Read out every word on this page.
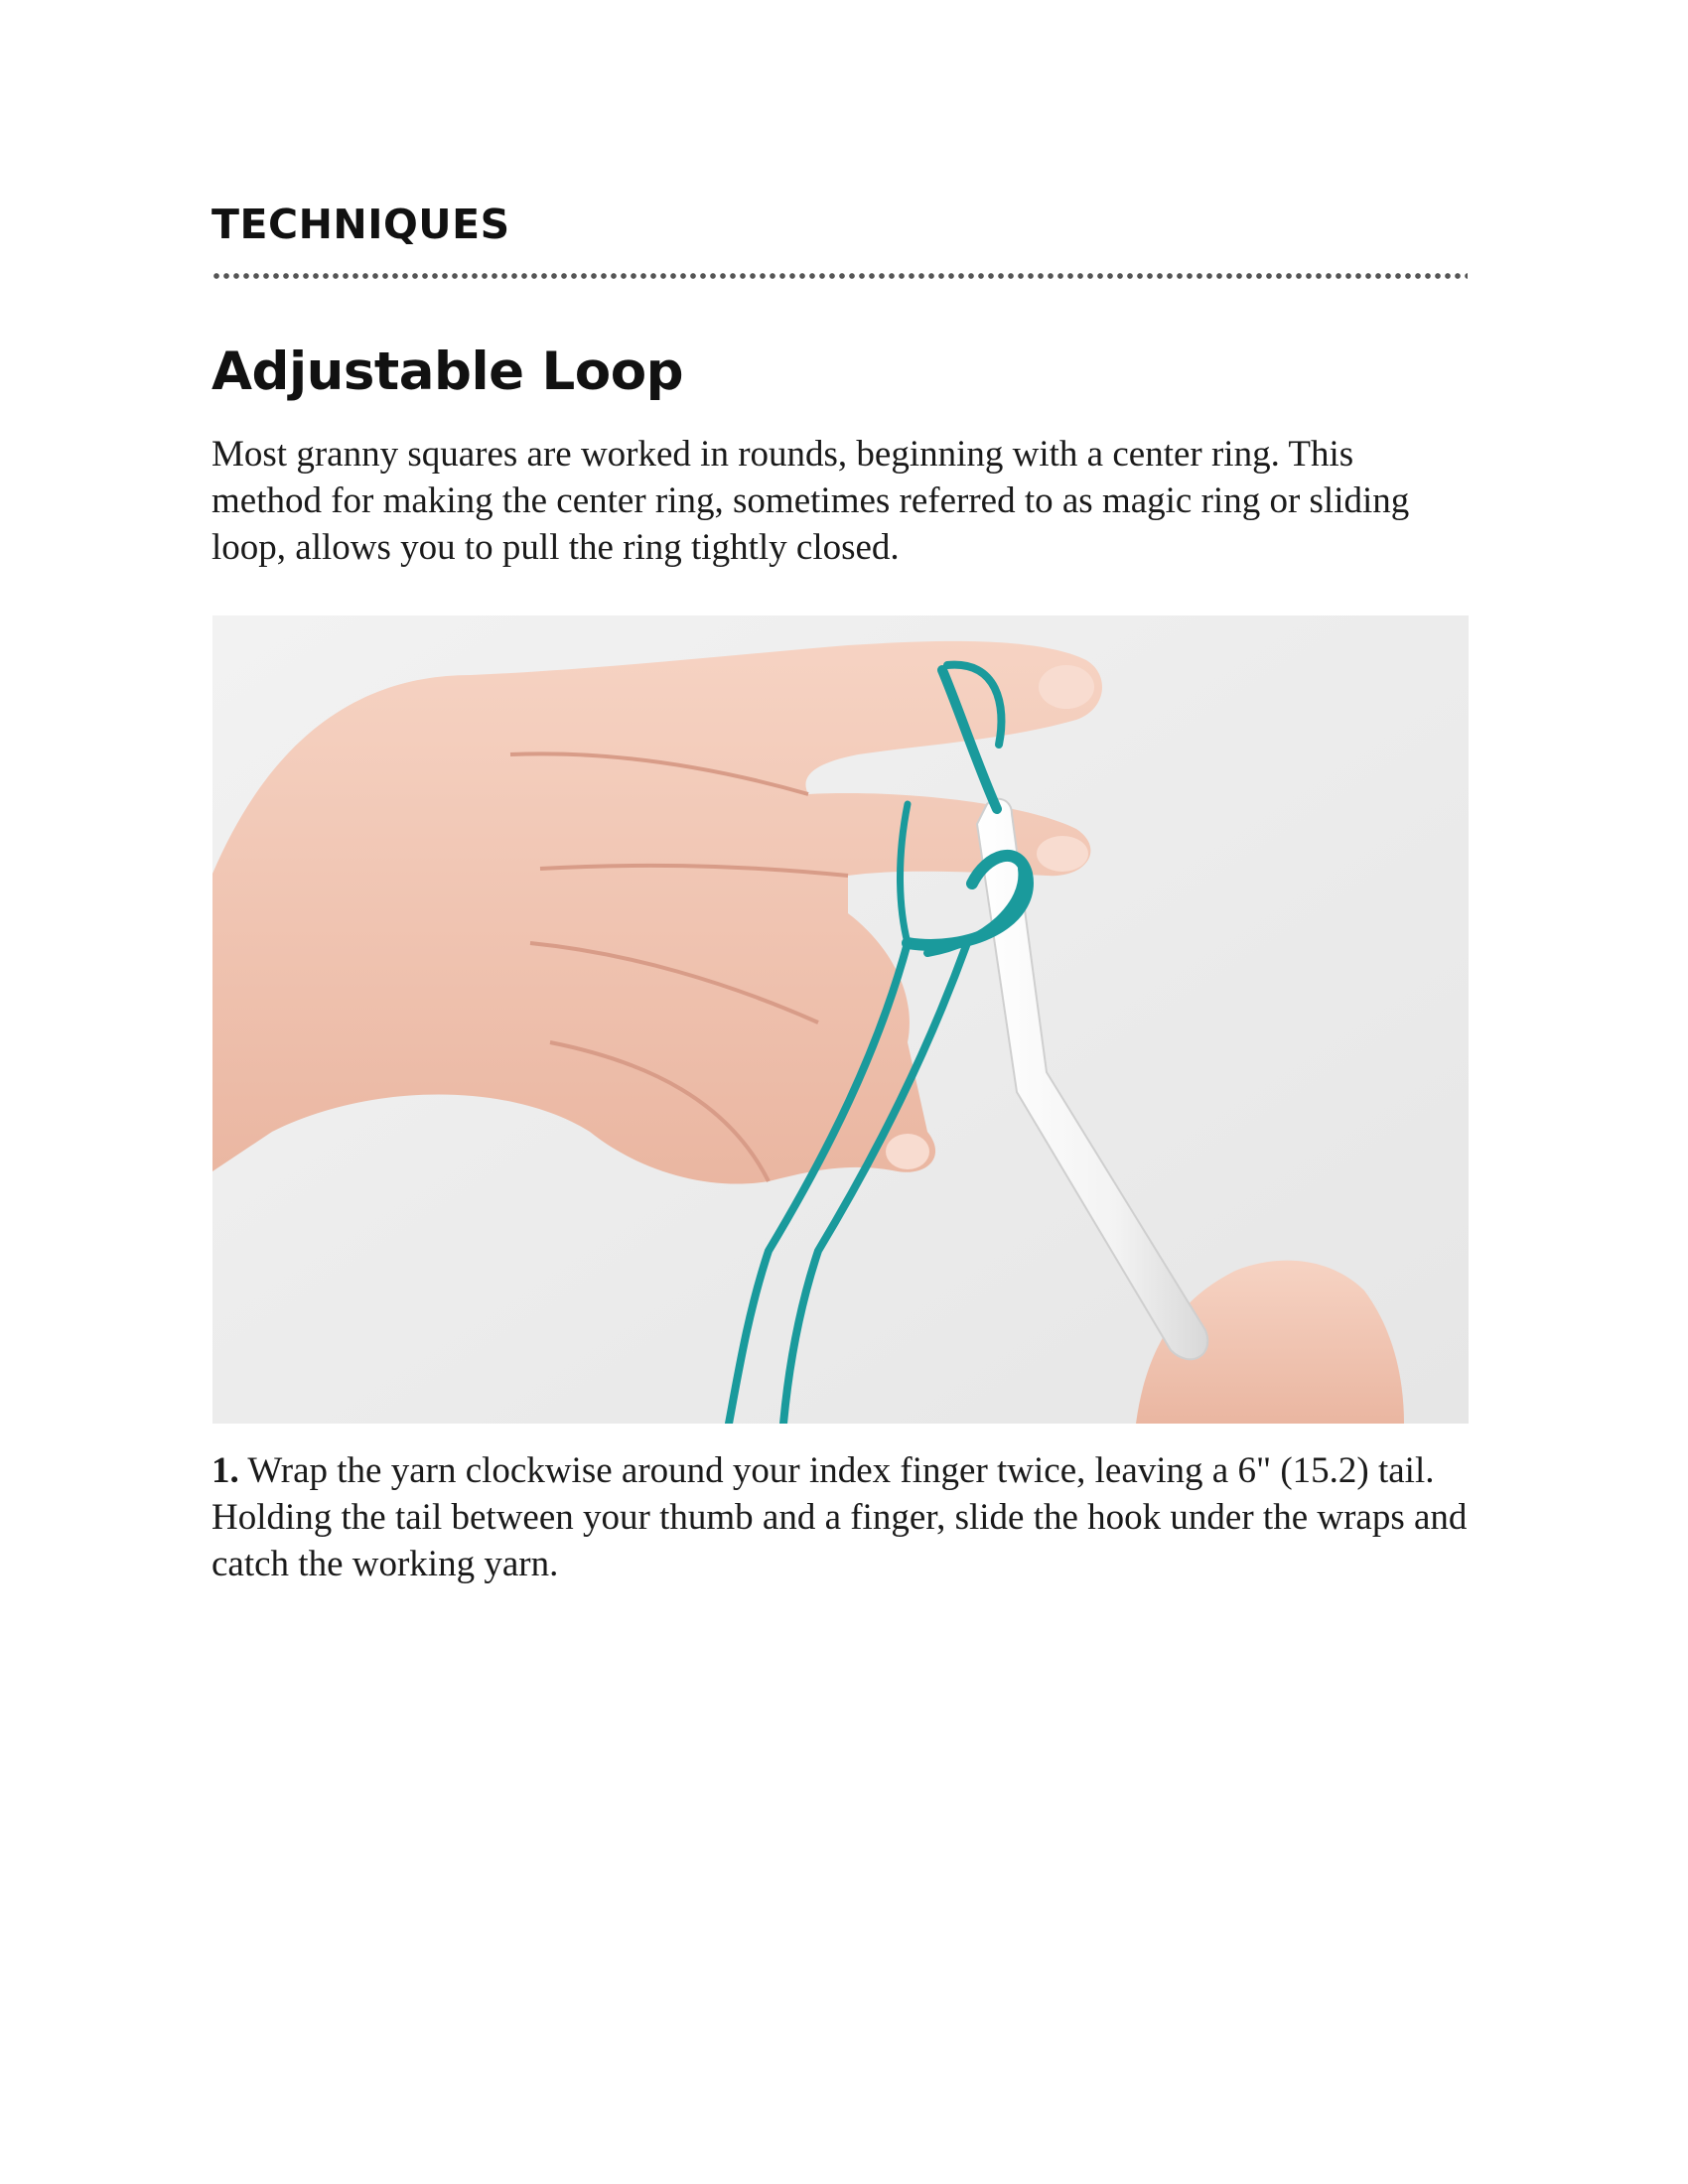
TECHNIQUES
Adjustable Loop

Most granny squares are worked in rounds, beginning with a center ring. This method for making the center ring, sometimes referred to as magic ring or sliding loop, allows you to pull the ring tightly closed.

1. Wrap the yarn clockwise around your index finger twice, leaving a 6" (15.2) tail. Holding the tail between your thumb and a finger, slide the hook under the wraps and catch the working yarn.
